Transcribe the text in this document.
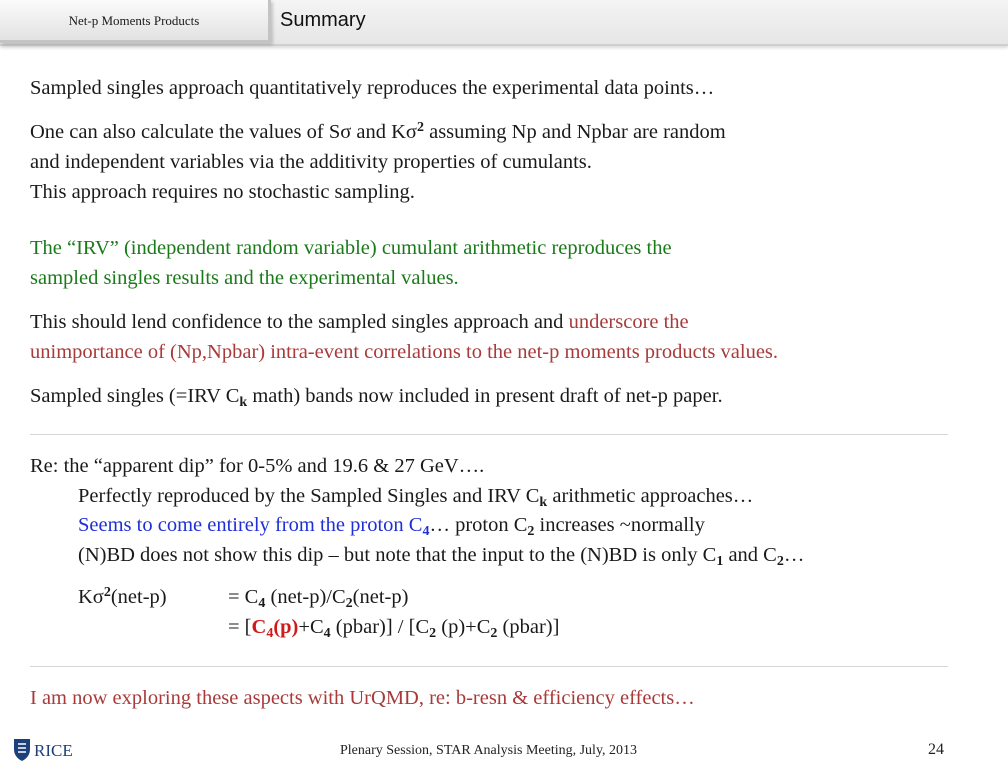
Net-p Moments Products	Summary
Sampled singles approach quantitatively reproduces the experimental data points…
One can also calculate the values of Sσ and $K\sigma^2$ assuming Np and Npbar are random
and independent variables via the additivity properties of cumulants.
This approach requires no stochastic sampling.
The “IRV” (independent random variable) cumulant arithmetic reproduces the
sampled singles results and the experimental values.
This should lend confidence to the sampled singles approach and underscore the
unimportance of (Np,Npbar) intra-event correlations to the net-p moments products values.
Sampled singles (=IRV $C_k$ math) bands now included in present draft of net-p paper.
Re: the “apparent dip” for 0-5% and 19.6 & 27 GeV….
Perfectly reproduced by the Sampled Singles and IRV $C_k$ arithmetic approaches…
Seems to come entirely from the proton $C_4\dots$ proton $C_2$ increases ~normally
(N)BD does not show this dip – but note that the input to the (N)BD is only $C_1$ and $C_2\dots$
$K\sigma^2(net-p)$	= $C_4$ $(net-p)/C_2(net-p)$
= [$C_4(p)+C_4$ (pbar)] / [$C_2$ $(p)+C_2$ (pbar)]
I am now exploring these aspects with UrQMD, re: b-resn & efficiency effects…
RICE	Plenary Session, STAR Analysis Meeting, July, 2013	24
